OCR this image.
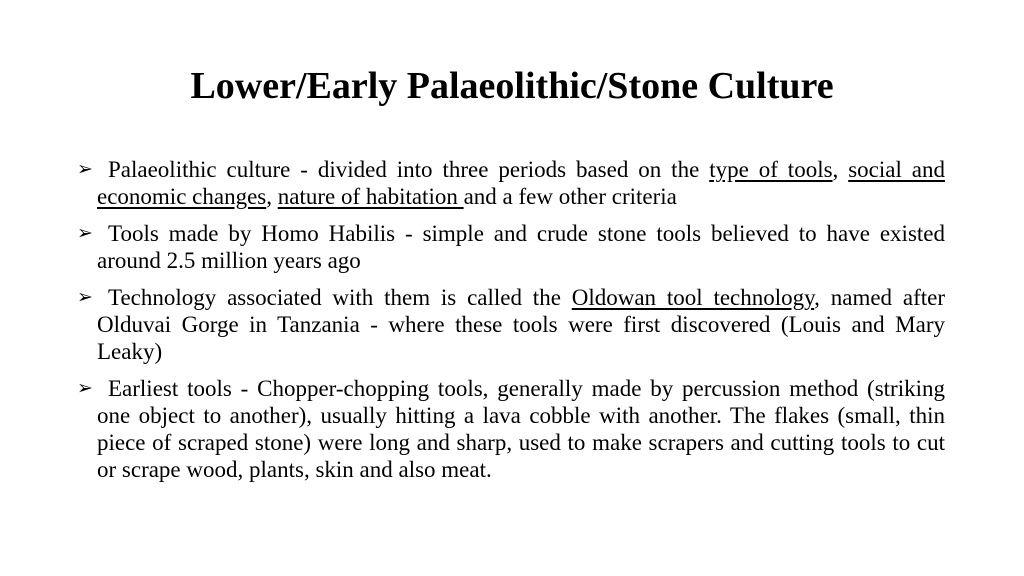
Lower/Early Palaeolithic/Stone Culture
➢ Palaeolithic culture - divided into three periods based on the type of tools, social and economic changes, nature of habitation and a few other criteria
➢ Tools made by Homo Habilis - simple and crude stone tools believed to have existed around 2.5 million years ago
➢ Technology associated with them is called the Oldowan tool technology, named after Olduvai Gorge in Tanzania - where these tools were first discovered (Louis and Mary Leaky)
➢ Earliest tools - Chopper-chopping tools, generally made by percussion method (striking one object to another), usually hitting a lava cobble with another. The flakes (small, thin piece of scraped stone) were long and sharp, used to make scrapers and cutting tools to cut or scrape wood, plants, skin and also meat.
